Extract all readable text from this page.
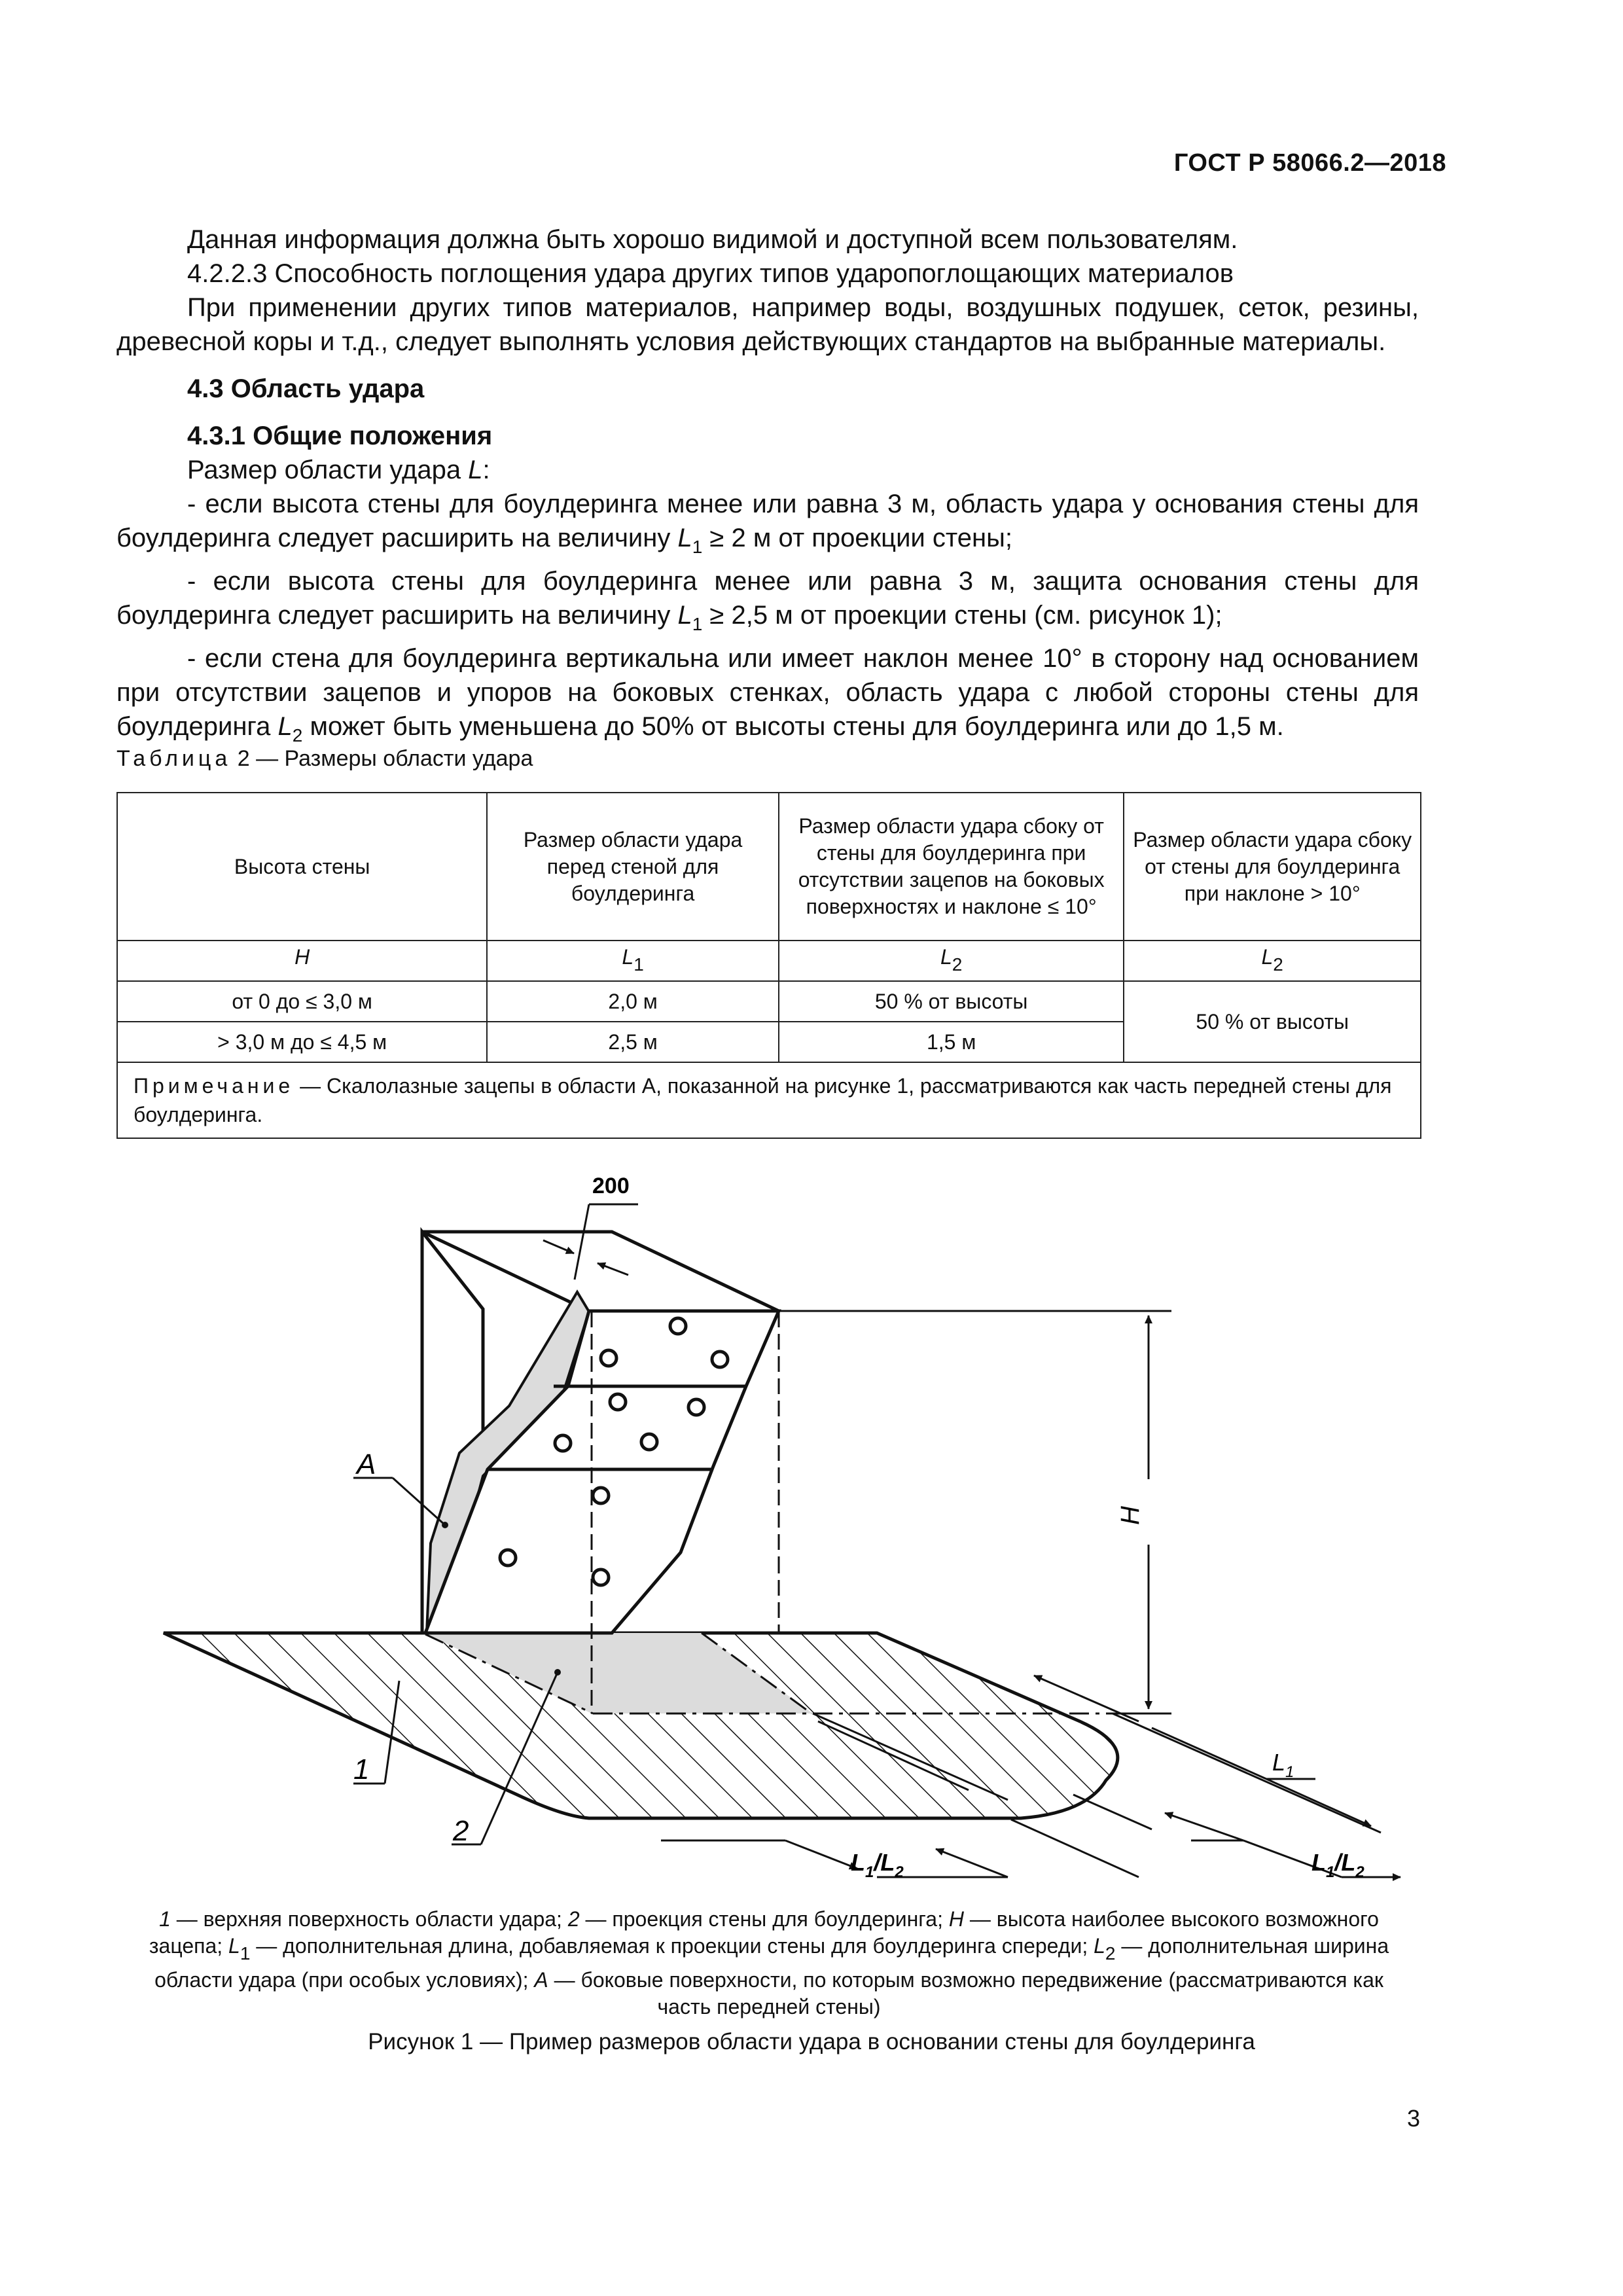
ГОСТ Р 58066.2—2018

Данная информация должна быть хорошо видимой и доступной всем пользователям.

4.2.2.3 Способность поглощения удара других типов ударопоглощающих материалов

При применении других типов материалов, например воды, воздушных подушек, сеток, резины, древесной коры и т.д., следует выполнять условия действующих стандартов на выбранные материалы.

4.3 Область удара

4.3.1 Общие положения

Размер области удара L:

- если высота стены для боулдеринга менее или равна 3 м, область удара у основания стены для боулдеринга следует расширить на величину $L_1 \ge 2$ м от проекции стены;

- если высота стены для боулдеринга менее или равна 3 м, защита основания стены для боулдеринга следует расширить на величину $L_1 \ge 2,5$ м от проекции стены (см. рисунок 1);

- если стена для боулдеринга вертикальна или имеет наклон менее 10° в сторону над основанием при отсутствии зацепов и упоров на боковых стенках, область удара с любой стороны стены для боулдеринга $L_2$ может быть уменьшена до 50% от высоты стены для боулдеринга или до 1,5 м.

Таблица 2 — Размеры области удара
Высота стены	Размер области удара перед стеной для боулдеринга	Размер области удара сбоку от стены для боулдеринга при отсутствии зацепов на боковых поверхностях и наклоне ≤ 10°	Размер области удара сбоку от стены для боулдеринга при наклоне > 10°
H	L1	L2	L2
от 0 до ≤ 3,0 м	2,0 м	50 % от высоты	50 % от высоты
> 3,0 м до ≤ 4,5 м	2,5 м	1,5 м	
Примечание — Скалолазные зацепы в области А, показанной на рисунке 1, рассматриваются как часть передней стены для боулдеринга.			
200
H
$L_1$
$L_1/L_2$	$L_1/L_2$
A
1
2
1 — верхняя поверхность области удара; 2 — проекция стены для боулдеринга; H — высота наиболее высокого возможного зацепа; L1 — дополнительная длина, добавляемая к проекции стены для боулдеринга спереди; L2 — дополнительная ширина области удара (при особых условиях); A — боковые поверхности, по которым возможно передвижение (рассматриваются как часть передней стены)
Рисунок 1 — Пример размеров области удара в основании стены для боулдеринга
3
